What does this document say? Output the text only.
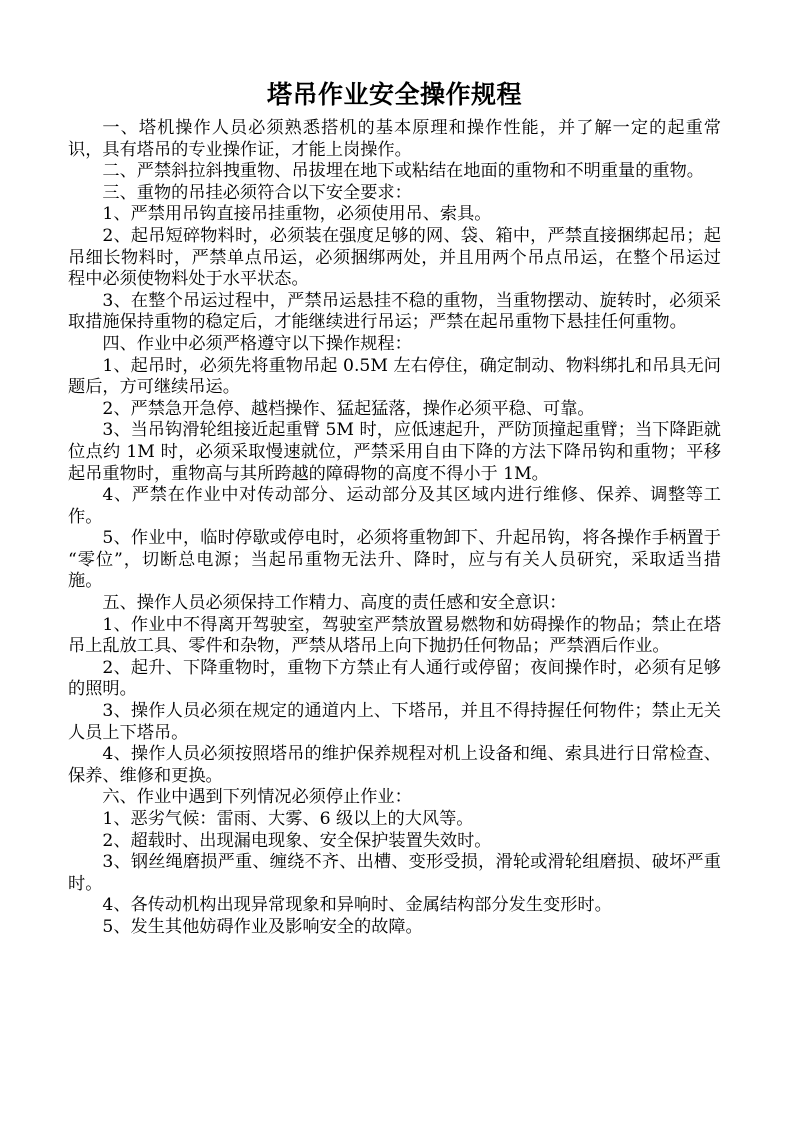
塔吊作业安全操作规程

一、塔机操作人员必须熟悉搭机的基本原理和操作性能，并了解一定的起重常识，具有塔吊的专业操作证，才能上岗操作。

二、严禁斜拉斜拽重物、吊拔埋在地下或粘结在地面的重物和不明重量的重物。

三、重物的吊挂必须符合以下安全要求：

1、严禁用吊钩直接吊挂重物，必须使用吊、索具。

2、起吊短碎物料时，必须装在强度足够的网、袋、箱中，严禁直接捆绑起吊；起吊细长物料时，严禁单点吊运，必须捆绑两处，并且用两个吊点吊运，在整个吊运过程中必须使物料处于水平状态。

3、在整个吊运过程中，严禁吊运悬挂不稳的重物，当重物摆动、旋转时，必须采取措施保持重物的稳定后，才能继续进行吊运；严禁在起吊重物下悬挂任何重物。

四、作业中必须严格遵守以下操作规程：

1、起吊时，必须先将重物吊起 0.5M 左右停住，确定制动、物料绑扎和吊具无问题后，方可继续吊运。

2、严禁急开急停、越档操作、猛起猛落，操作必须平稳、可靠。

3、当吊钩滑轮组接近起重臂 5M 时，应低速起升，严防顶撞起重臂；当下降距就位点约 1M 时，必须采取慢速就位，严禁采用自由下降的方法下降吊钩和重物；平移起吊重物时，重物高与其所跨越的障碍物的高度不得小于 1M。

4、严禁在作业中对传动部分、运动部分及其区域内进行维修、保养、调整等工作。

5、作业中，临时停歇或停电时，必须将重物卸下、升起吊钩，将各操作手柄置于“零位”，切断总电源；当起吊重物无法升、降时，应与有关人员研究，采取适当措施。

五、操作人员必须保持工作精力、高度的责任感和安全意识：

1、作业中不得离开驾驶室，驾驶室严禁放置易燃物和妨碍操作的物品；禁止在塔吊上乱放工具、零件和杂物，严禁从塔吊上向下抛扔任何物品；严禁酒后作业。

2、起升、下降重物时，重物下方禁止有人通行或停留；夜间操作时，必须有足够的照明。

3、操作人员必须在规定的通道内上、下塔吊，并且不得持握任何物件；禁止无关人员上下塔吊。

4、操作人员必须按照塔吊的维护保养规程对机上设备和绳、索具进行日常检查、保养、维修和更换。

六、作业中遇到下列情况必须停止作业：

1、恶劣气候：雷雨、大雾、6 级以上的大风等。

2、超载时、出现漏电现象、安全保护装置失效时。

3、钢丝绳磨损严重、缠绕不齐、出槽、变形受损，滑轮或滑轮组磨损、破坏严重时。

4、各传动机构出现异常现象和异响时、金属结构部分发生变形时。

5、发生其他妨碍作业及影响安全的故障。
